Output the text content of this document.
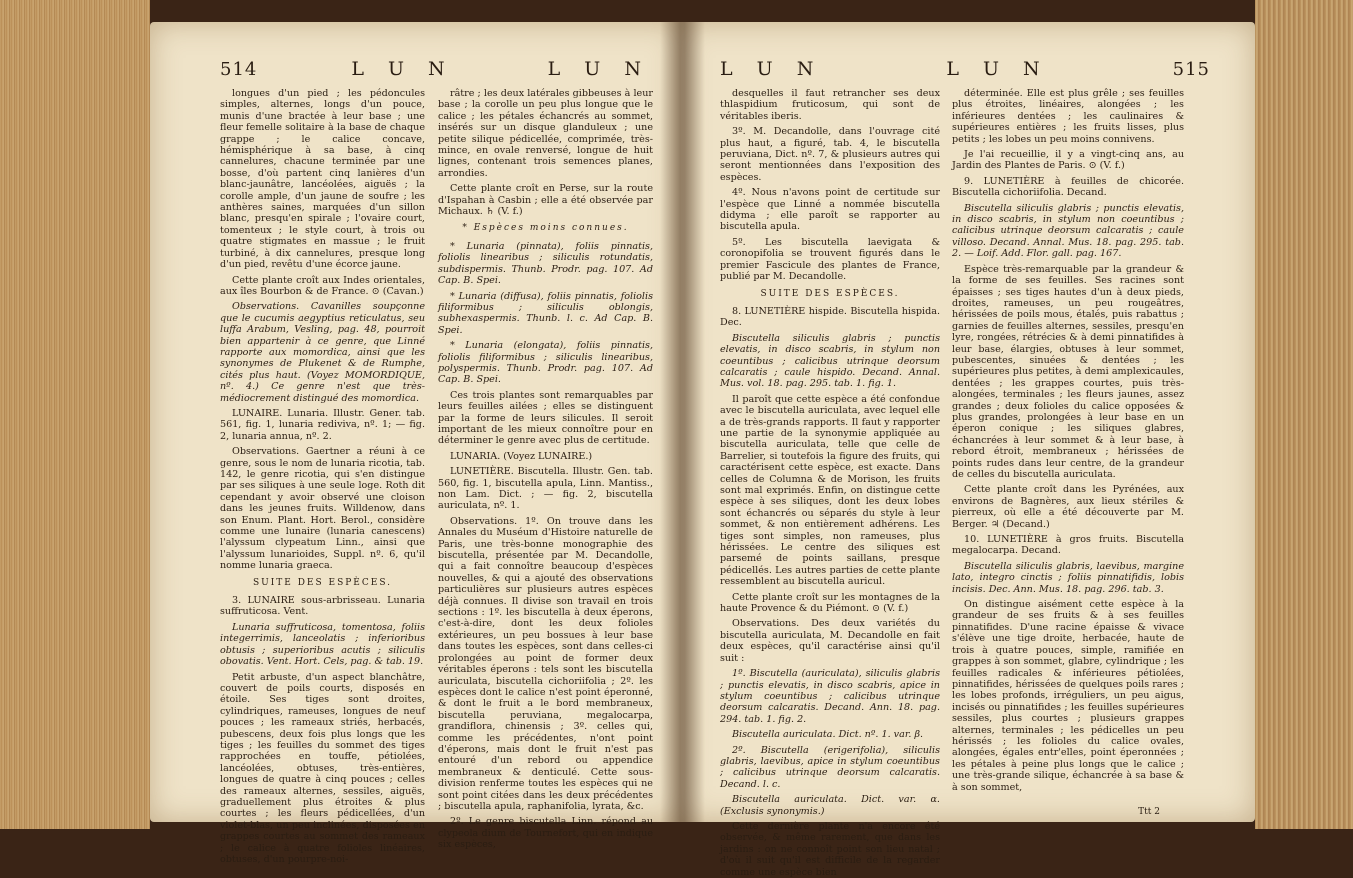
514	L U N	L U N

longues d'un pied ; les pédoncules simples, alternes, longs d'un pouce, munis d'une bractée à leur base ; une fleur femelle solitaire à la base de chaque grappe ; le calice concave, hémisphérique à sa base, à cinq cannelures, chacune terminée par une bosse, d'où partent cinq lanières d'un blanc-jaunâtre, lancéolées, aiguës ; la corolle ample, d'un jaune de soufre ; les anthères saines, marquées d'un sillon blanc, presqu'en spirale ; l'ovaire court, tomenteux ; le style court, à trois ou quatre stigmates en massue ; le fruit turbiné, à dix cannelures, presque long d'un pied, revêtu d'une écorce jaune.

Cette plante croît aux Indes orientales, aux îles Bourbon & de France. ⊙ (Cavan.)

Observations. Cavanilles soupçonne que le cucumis aegyptius reticulatus, seu luffa Arabum, Vesling, pag. 48, pourroit bien appartenir à ce genre, que Linné rapporte aux momordica, ainsi que les synonymes de Plukenet & de Rumphe, cités plus haut. (Voyez MOMORDIQUE, nº. 4.) Ce genre n'est que très-médiocrement distingué des momordica.

LUNAIRE. Lunaria. Illustr. Gener. tab. 561, fig. 1, lunaria rediviva, nº. 1; — fig. 2, lunaria annua, nº. 2.

Observations. Gaertner a réuni à ce genre, sous le nom de lunaria ricotia, tab. 142, le genre ricotia, qui s'en distingue par ses siliques à une seule loge. Roth dit cependant y avoir observé une cloison dans les jeunes fruits. Willdenow, dans son Enum. Plant. Hort. Berol., considère comme une lunaire (lunaria canescens) l'alyssum clypeatum Linn., ainsi que l'alyssum lunarioides, Suppl. nº. 6, qu'il nomme lunaria graeca.

SUITE DES ESPÈCES.

3. LUNAIRE sous-arbrisseau. Lunaria suffruticosa. Vent.

Lunaria suffruticosa, tomentosa, foliis integerrimis, lanceolatis ; inferioribus obtusis ; superioribus acutis ; siliculis obovatis. Vent. Hort. Cels, pag. & tab. 19.

Petit arbuste, d'un aspect blanchâtre, couvert de poils courts, disposés en étoile. Ses tiges sont droites, cylindriques, rameuses, longues de neuf pouces ; les rameaux striés, herbacés, pubescens, deux fois plus longs que les tiges ; les feuilles du sommet des tiges rapprochées en touffe, pétiolées, lancéolées, obtuses, très-entières, longues de quatre à cinq pouces ; celles des rameaux alternes, sessiles, aiguës, graduellement plus étroites & plus courtes ; les fleurs pédicellées, d'un violet-blas, un peu inclinées, disposées en grappes courtes au sommet des rameaux ; le calice à quatre folioles linéaires, obtuses, d'un pourpre-noi-

râtre ; les deux latérales gibbeuses à leur base ; la corolle un peu plus longue que le calice ; les pétales échancrés au sommet, insérés sur un disque glanduleux ; une petite silique pédicellée, comprimée, très-mince, en ovale renversé, longue de huit lignes, contenant trois semences planes, arrondies.

Cette plante croît en Perse, sur la route d'Ispahan à Casbin ; elle a été observée par Michaux. ♄ (V. f.)

* Espèces moins connues.

* Lunaria (pinnata), foliis pinnatis, foliolis linearibus ; siliculis rotundatis, subdispermis. Thunb. Prodr. pag. 107. Ad Cap. B. Spei.

* Lunaria (diffusa), foliis pinnatis, foliolis filiformibus ; siliculis oblongis, subhexaspermis. Thunb. l. c. Ad Cap. B. Spei.

* Lunaria (elongata), foliis pinnatis, foliolis filiformibus ; siliculis linearibus, polyspermis. Thunb. Prodr. pag. 107. Ad Cap. B. Spei.

Ces trois plantes sont remarquables par leurs feuilles ailées ; elles se distinguent par la forme de leurs silicules. Il seroit important de les mieux connoître pour en déterminer le genre avec plus de certitude.

LUNARIA. (Voyez LUNAIRE.)

LUNETIÈRE. Biscutella. Illustr. Gen. tab. 560, fig. 1, biscutella apula, Linn. Mantiss., non Lam. Dict. ; — fig. 2, biscutella auriculata, nº. 1.

Observations. 1º. On trouve dans les Annales du Muséum d'Histoire naturelle de Paris, une très-bonne monographie des biscutella, présentée par M. Decandolle, qui a fait connoître beaucoup d'espèces nouvelles, & qui a ajouté des observations particulières sur plusieurs autres espèces déjà connues. Il divise son travail en trois sections : 1º. les biscutella à deux éperons, c'est-à-dire, dont les deux folioles extérieures, un peu bossues à leur base dans toutes les espèces, sont dans celles-ci prolongées au point de former deux véritables éperons : tels sont les biscutella auriculata, biscutella cichoriifolia ; 2º. les espèces dont le calice n'est point éperonné, & dont le fruit a le bord membraneux, biscutella peruviana, megalocarpa, grandiflora, chinensis ; 3º. celles qui, comme les précédentes, n'ont point d'éperons, mais dont le fruit n'est pas entouré d'un rebord ou appendice membraneux & denticulé. Cette sous-division renferme toutes les espèces qui ne sont point citées dans les deux précédentes ; biscutella apula, raphanifolia, lyrata, &c.

2º. Le genre biscutella Linn. répond au clypeola dium de Tournefort, qui en indique six espèces,

L U N	L U N	515

desquelles il faut retrancher ses deux thlaspidium fruticosum, qui sont de véritables iberis.

3º. M. Decandolle, dans l'ouvrage cité plus haut, a figuré, tab. 4, le biscutella peruviana, Dict. nº. 7, & plusieurs autres qui seront mentionnées dans l'exposition des espèces.

4º. Nous n'avons point de certitude sur l'espèce que Linné a nommée biscutella didyma ; elle paroît se rapporter au biscutella apula.

5º. Les biscutella laevigata & coronopifolia se trouvent figurés dans le premier Fascicule des plantes de France, publié par M. Decandolle.

SUITE DES ESPÈCES.

8. LUNETIÈRE hispide. Biscutella hispida. Dec.

Biscutella siliculis glabris ; punctis elevatis, in disco scabris, in stylum non coeuntibus ; calicibus utrinque deorsum calcaratis ; caule hispido. Decand. Annal. Mus. vol. 18. pag. 295. tab. 1. fig. 1.

Il paroît que cette espèce a été confondue avec le biscutella auriculata, avec lequel elle a de très-grands rapports. Il faut y rapporter une partie de la synonymie appliquée au biscutella auriculata, telle que celle de Barrelier, si toutefois la figure des fruits, qui caractérisent cette espèce, est exacte. Dans celles de Columna & de Morison, les fruits sont mal exprimés. Enfin, on distingue cette espèce à ses siliques, dont les deux lobes sont échancrés ou séparés du style à leur sommet, & non entièrement adhérens. Les tiges sont simples, non rameuses, plus hérissées. Le centre des siliques est parsemé de points saillans, presque pédicellés. Les autres parties de cette plante ressemblent au biscutella auricul.

Cette plante croît sur les montagnes de la haute Provence & du Piémont. ⊙ (V. f.)

Observations. Des deux variétés du biscutella auriculata, M. Decandolle en fait deux espèces, qu'il caractérise ainsi qu'il suit :

1º. Biscutella (auriculata), siliculis glabris ; punctis elevatis, in disco scabris, apice in stylum coeuntibus ; calicibus utrinque deorsum calcaratis. Decand. Ann. 18. pag. 294. tab. 1. fig. 2.

Biscutella auriculata. Dict. nº. 1. var. β.

2º. Biscutella (erigerifolia), siliculis glabris, laevibus, apice in stylum coeuntibus ; calicibus utrinque deorsum calcaratis. Decand. l. c.

Biscutella auriculata. Dict. var. α. (Exclusis synonymis.)

Cette dernière plante n'a encore été observée, & même rarement, que dans les jardins : on ne connoît point son lieu natal ; d'où il suit qu'il est difficile de la regarder comme une espèce bien

déterminée. Elle est plus grêle ; ses feuilles plus étroites, linéaires, alongées ; les inférieures dentées ; les caulinaires & supérieures entières ; les fruits lisses, plus petits ; les lobes un peu moins connivens.

Je l'ai recueillie, il y a vingt-cinq ans, au Jardin des Plantes de Paris. ⊙ (V. f.)

9. LUNETIÈRE à feuilles de chicorée. Biscutella cichoriifolia. Decand.

Biscutella siliculis glabris ; punctis elevatis, in disco scabris, in stylum non coeuntibus ; calicibus utrinque deorsum calcaratis ; caule villoso. Decand. Annal. Mus. 18. pag. 295. tab. 2. — Loif. Add. Flor. gall. pag. 167.

Espèce très-remarquable par la grandeur & la forme de ses feuilles. Ses racines sont épaisses ; ses tiges hautes d'un à deux pieds, droites, rameuses, un peu rougeâtres, hérissées de poils mous, étalés, puis rabattus ; garnies de feuilles alternes, sessiles, presqu'en lyre, rongées, rétrécies & à demi pinnatifides à leur base, élargies, obtuses à leur sommet, pubescentes, sinuées & dentées ; les supérieures plus petites, à demi amplexicaules, dentées ; les grappes courtes, puis très-alongées, terminales ; les fleurs jaunes, assez grandes ; deux folioles du calice opposées & plus grandes, prolongées à leur base en un éperon conique ; les siliques glabres, échancrées à leur sommet & à leur base, à rebord étroit, membraneux ; hérissées de points rudes dans leur centre, de la grandeur de celles du biscutella auriculata.

Cette plante croît dans les Pyrénées, aux environs de Bagnères, aux lieux stériles & pierreux, où elle a été découverte par M. Berger. ♃ (Decand.)

10. LUNETIÈRE à gros fruits. Biscutella megalocarpa. Decand.

Biscutella siliculis glabris, laevibus, margine lato, integro cinctis ; foliis pinnatifidis, lobis incisis. Dec. Ann. Mus. 18. pag. 296. tab. 3.

On distingue aisément cette espèce à la grandeur de ses fruits & à ses feuilles pinnatifides. D'une racine épaisse & vivace s'élève une tige droite, herbacée, haute de trois à quatre pouces, simple, ramifiée en grappes à son sommet, glabre, cylindrique ; les feuilles radicales & inférieures pétiolées, pinnatifides, hérissées de quelques poils rares ; les lobes profonds, irréguliers, un peu aigus, incisés ou pinnatifides ; les feuilles supérieures sessiles, plus courtes ; plusieurs grappes alternes, terminales ; les pédicelles un peu hérissés ; les folioles du calice ovales, alongées, égales entr'elles, point éperonnées ; les pétales à peine plus longs que le calice ; une très-grande silique, échancrée à sa base & à son sommet,

Ttt 2
